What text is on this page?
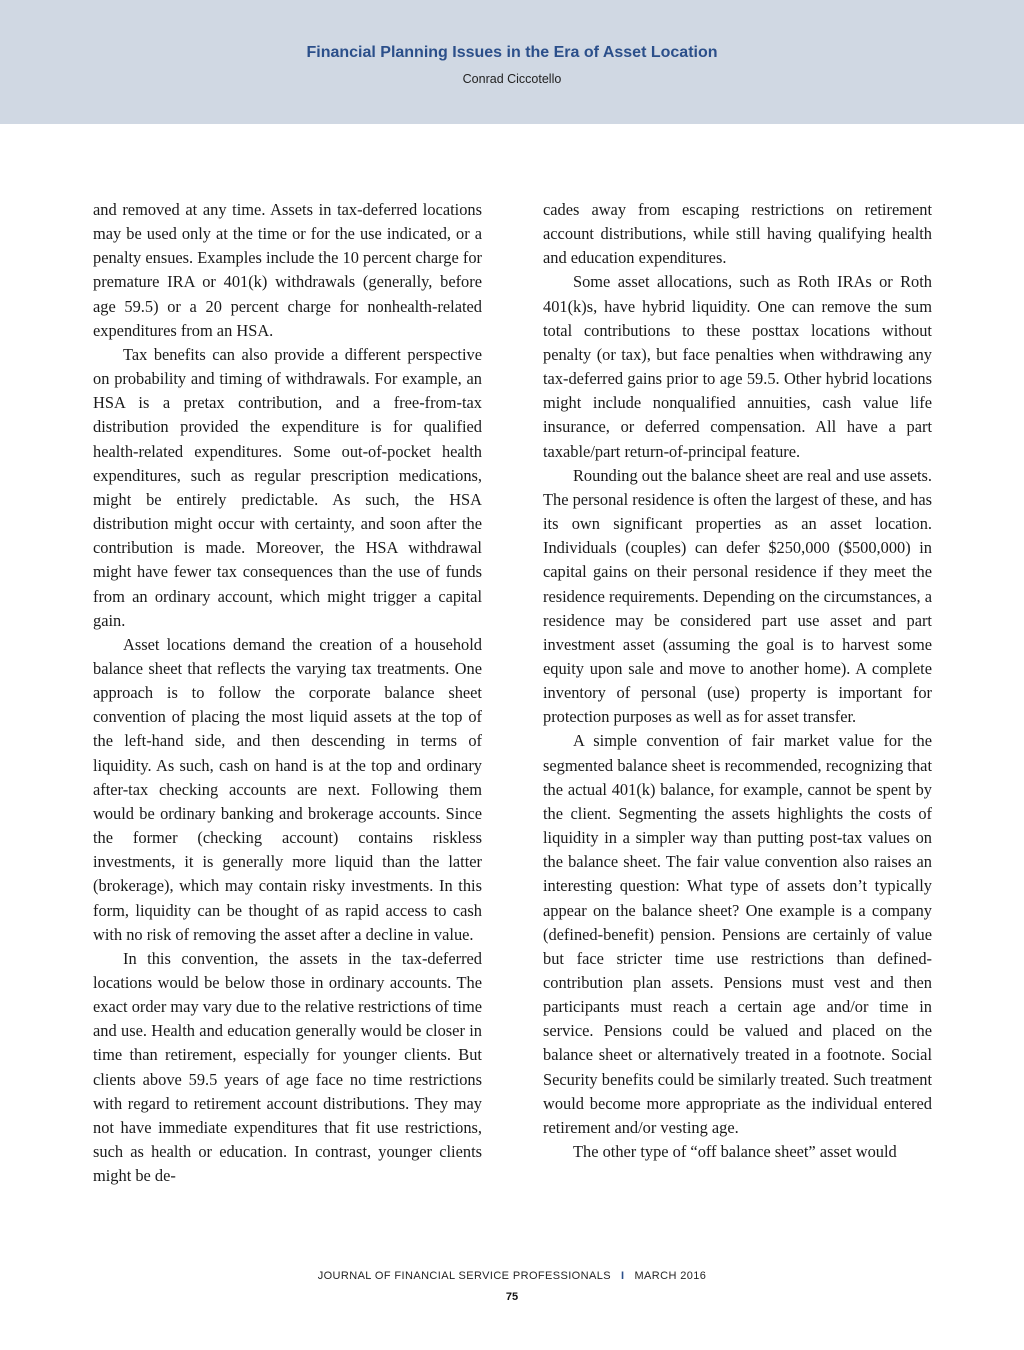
Financial Planning Issues in the Era of Asset Location
Conrad Ciccotello

and removed at any time. Assets in tax-deferred locations may be used only at the time or for the use indicated, or a penalty ensues. Examples include the 10 percent charge for premature IRA or 401(k) withdrawals (generally, before age 59.5) or a 20 percent charge for nonhealth-related expenditures from an HSA.

Tax benefits can also provide a different perspective on probability and timing of withdrawals. For example, an HSA is a pretax contribution, and a free-from-tax distribution provided the expenditure is for qualified health-related expenditures. Some out-of-pocket health expenditures, such as regular prescription medications, might be entirely predictable. As such, the HSA distribution might occur with certainty, and soon after the contribution is made. Moreover, the HSA withdrawal might have fewer tax consequences than the use of funds from an ordinary account, which might trigger a capital gain.

Asset locations demand the creation of a household balance sheet that reflects the varying tax treatments. One approach is to follow the corporate balance sheet convention of placing the most liquid assets at the top of the left-hand side, and then descending in terms of liquidity. As such, cash on hand is at the top and ordinary after-tax checking accounts are next. Following them would be ordinary banking and brokerage accounts. Since the former (checking account) contains riskless investments, it is generally more liquid than the latter (brokerage), which may contain risky investments. In this form, liquidity can be thought of as rapid access to cash with no risk of removing the asset after a decline in value.

In this convention, the assets in the tax-deferred locations would be below those in ordinary accounts. The exact order may vary due to the relative restrictions of time and use. Health and education generally would be closer in time than retirement, especially for younger clients. But clients above 59.5 years of age face no time restrictions with regard to retirement account distributions. They may not have immediate expenditures that fit use restrictions, such as health or education. In contrast, younger clients might be de-

cades away from escaping restrictions on retirement account distributions, while still having qualifying health and education expenditures.

Some asset allocations, such as Roth IRAs or Roth 401(k)s, have hybrid liquidity. One can remove the sum total contributions to these posttax locations without penalty (or tax), but face penalties when withdrawing any tax-deferred gains prior to age 59.5. Other hybrid locations might include nonqualified annuities, cash value life insurance, or deferred compensation. All have a part taxable/part return-of-principal feature.

Rounding out the balance sheet are real and use assets. The personal residence is often the largest of these, and has its own significant properties as an asset location. Individuals (couples) can defer $250,000 ($500,000) in capital gains on their personal residence if they meet the residence requirements. Depending on the circumstances, a residence may be considered part use asset and part investment asset (assuming the goal is to harvest some equity upon sale and move to another home). A complete inventory of personal (use) property is important for protection purposes as well as for asset transfer.

A simple convention of fair market value for the segmented balance sheet is recommended, recognizing that the actual 401(k) balance, for example, cannot be spent by the client. Segmenting the assets highlights the costs of liquidity in a simpler way than putting post-tax values on the balance sheet. The fair value convention also raises an interesting question: What type of assets don’t typically appear on the balance sheet? One example is a company (defined-benefit) pension. Pensions are certainly of value but face stricter time use restrictions than defined-contribution plan assets. Pensions must vest and then participants must reach a certain age and/or time in service. Pensions could be valued and placed on the balance sheet or alternatively treated in a footnote. Social Security benefits could be similarly treated. Such treatment would become more appropriate as the individual entered retirement and/or vesting age.

The other type of “off balance sheet” asset would

JOURNAL OF FINANCIAL SERVICE PROFESSIONALS I MARCH 2016
75
